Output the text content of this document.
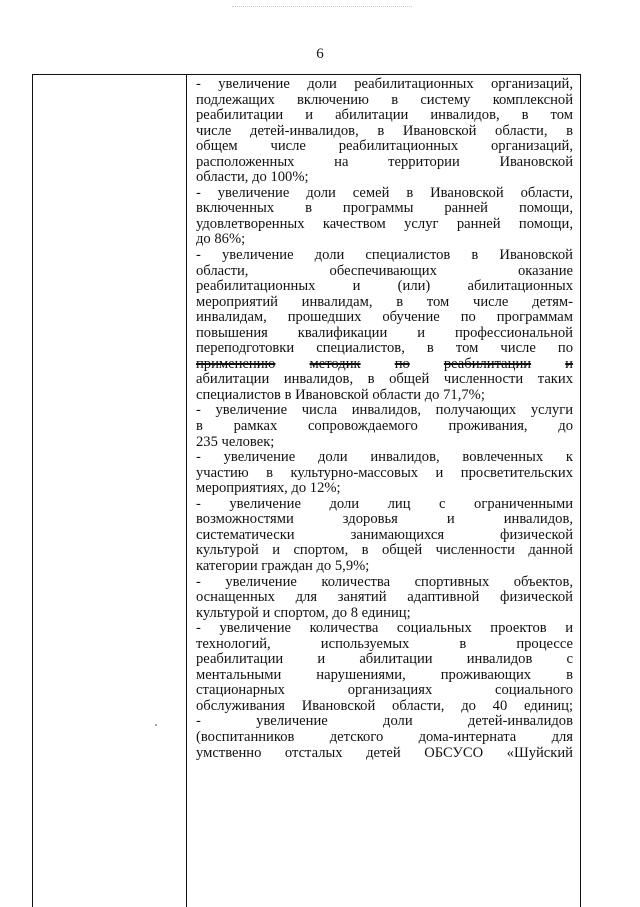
6
- увеличение доли реабилитационных организаций,
подлежащих включению в систему комплексной
реабилитации и абилитации инвалидов, в том
числе детей-инвалидов, в Ивановской области, в
общем числе реабилитационных организаций,
расположенных на территории Ивановской
области, до 100%;
- увеличение доли семей в Ивановской области,
включенных в программы ранней помощи,
удовлетворенных качеством услуг ранней помощи,
до 86%;
- увеличение доли специалистов в Ивановской
области, обеспечивающих оказание
реабилитационных и (или) абилитационных
мероприятий инвалидам, в том числе детям-
инвалидам, прошедших обучение по программам
повышения квалификации и профессиональной
переподготовки специалистов, в том числе по
применению методик по реабилитации и
абилитации инвалидов, в общей численности таких
специалистов в Ивановской области до 71,7%;
- увеличение числа инвалидов, получающих услуги
в рамках сопровождаемого проживания, до
235 человек;
- увеличение доли инвалидов, вовлеченных к
участию в культурно-массовых и просветительских
мероприятиях, до 12%;
- увеличение доли лиц с ограниченными
возможностями здоровья и инвалидов,
систематически занимающихся физической
культурой и спортом, в общей численности данной
категории граждан до 5,9%;
- увеличение количества спортивных объектов,
оснащенных для занятий адаптивной физической
культурой и спортом, до 8 единиц;
- увеличение количества социальных проектов и
технологий, используемых в процессе
реабилитации и абилитации инвалидов с
ментальными нарушениями, проживающих в
стационарных организациях социального
обслуживания Ивановской области, до 40 единиц;
- увеличение доли детей-инвалидов
(воспитанников детского дома-интерната для
умственно отсталых детей ОБСУСО «Шуйский
